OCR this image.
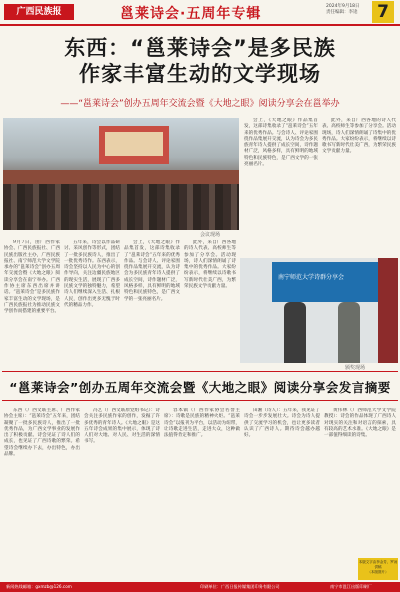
广西民族报	邕莱诗会·五周年专辑	2024年9月18日
责任编辑：李逵 7
东西：“邕莱诗会”是多民族
作家丰富生动的文学现场
——“邕莱诗会”创办五周年交流会暨《大地之眼》阅读分享会在邕举办
会议现场

9月7日，由广西作家协会、广西民族报社、广西民族出版社主办，广西民族报社、南宁师范大学文学院承办的“邕莱诗会”创办五周年交流会暨《大地之眼》阅读分享会在南宁举办。广西作协主席东西出席并讲话。“邕莱诗会”是多民族作家丰富生动的文学现场，是广西民族报社为推动民族文学创作而搭建的重要平台。

五年来，诗会以作品研讨、采风创作等形式，团结了一批多民族诗人，推出了一批优秀诗作。东西表示，诗会坚持以人民为中心的创作导向，关注边疆民族地区的现实生活，展现了广西多民族文学的独特魅力，希望诗人们继续深入生活、扎根人民，创作出更多无愧于时代的精品力作。

会上，《大地之眼》作品集首发，这部诗集收录了“邕莱诗会”五年来的优秀作品。与会诗人、评论家围绕作品集展开交流，认为诗会为多民族青年诗人提供了成长空间，诗作题材广泛，风格多样，具有鲜明的地域特色和民族特色，是广西文学的一张亮丽名片。

此外，来自广西各地的诗人代表、高校师生等参加了分享会。活动现场，诗人们深情朗诵了诗集中的优秀作品。大家纷纷表示，将继续以诗歌书写新时代壮美广西，为繁荣民族文学贡献力量。

会上，《大地之眼》作品集首发，这部诗集收录了“邕莱诗会”五年来的优秀作品。与会诗人、评论家围绕作品集展开交流，认为诗会为多民族青年诗人提供了成长空间，诗作题材广泛，风格多样，具有鲜明的地域特色和民族特色，是广西文学的一张亮丽名片。

此外，来自广西各地的诗人代表、高校师生等参加了分享会。活动现场，诗人们深情朗诵了诗集中的优秀作品。大家纷纷表示，将继续以诗歌书写新时代壮美广西，为繁荣民族文学贡献力量。

南宁师范大学诗群分享会
颁奖现场
“邕莱诗会”创办五周年交流会暨《大地之眼》阅读分享会发言摘要

东西（广西文联主席、广西作家协会主席）：“邕莱诗会”五年来，团结凝聚了一批多民族诗人，推出了一批优秀作品，为广西文学事业的发展作出了积极贡献。诗会见证了诗人们的成长，也见证了广西诗歌的繁荣。希望诗会继续办下去，办出特色，办出品牌。

冯艺（广西文联原党组书记）：诗会关注多民族作家的创作，发掘了许多优秀的青年诗人。《大地之眼》是这五年诗会成果的集中展示，体现了诗人们对大地、对人民、对生活的深情书写。

容本镇（广西作家协会名誉主席）：诗歌是民族的精神火炬。“邕莱诗会”以报刊为平台，以活动为纽带，让诗歌走进生活，走进大众，这种做法值得肯定和推广。

田湘（诗人）：五年来，我见证了诗会一步步发展壮大。诗会为诗人提供了交流学习的机会，也让更多读者认识了广西诗人。期待诗会越办越好。

黄伟林（广西师范大学文学院教授）：诗会的作品体现了广西诗人对现实的关注和对语言的探索，具有较高的艺术水准。《大地之眼》是一部值得细读的诗集。

本版文字由李金芳、罗汤供稿
（本版图片）
新闻热线邮箱：gxmzb@126.com	印刷单位：广西日报传媒集团印务有限公司	南宁市邕江出版印刷厂
